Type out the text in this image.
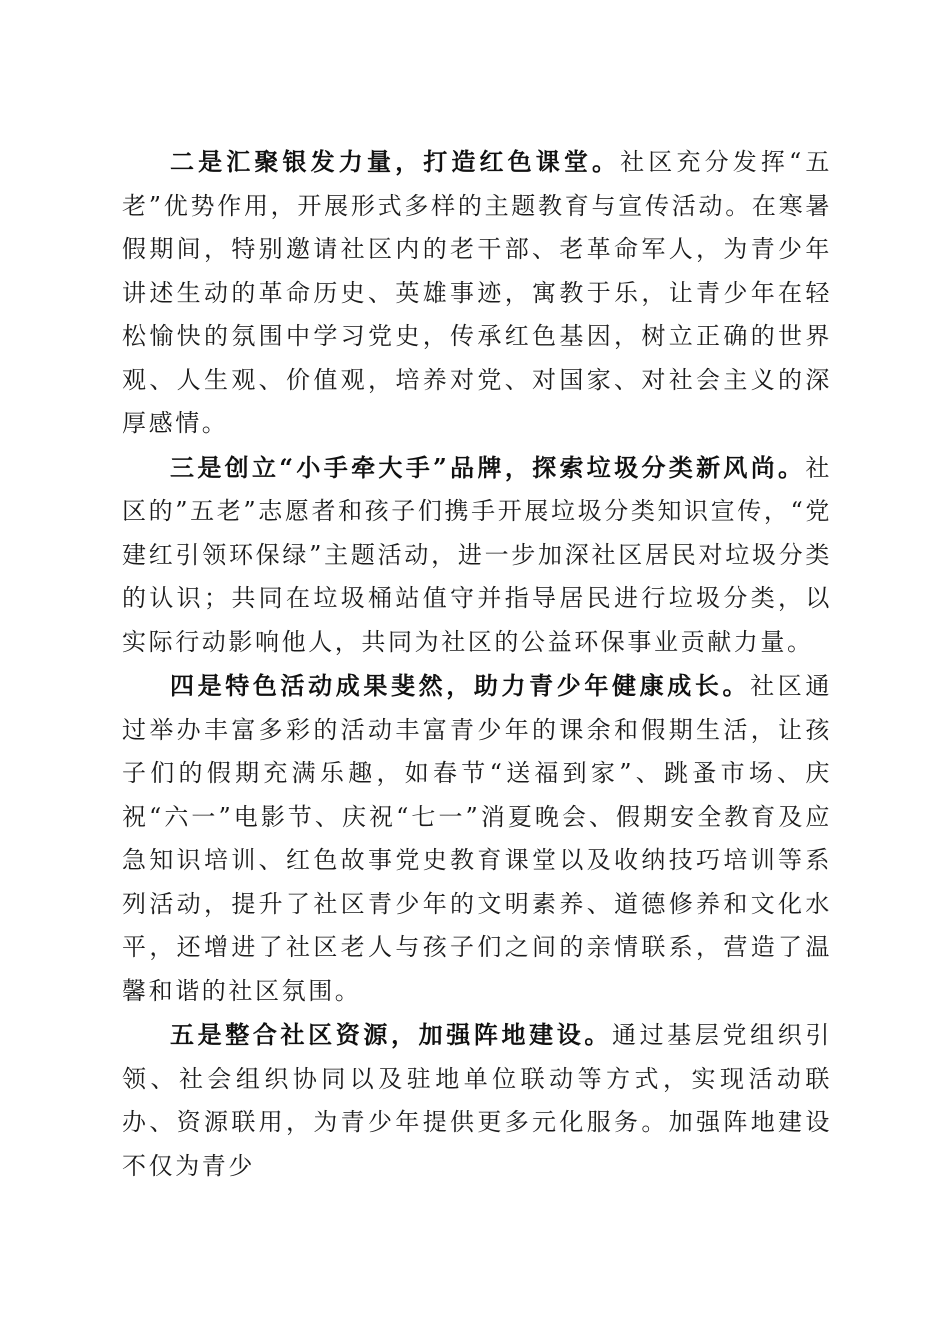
二是汇聚银发力量，打造红色课堂。社区充分发挥“五老”优势作用，开展形式多样的主题教育与宣传活动。在寒暑假期间，特别邀请社区内的老干部、老革命军人，为青少年讲述生动的革命历史、英雄事迹，寓教于乐，让青少年在轻松愉快的氛围中学习党史，传承红色基因，树立正确的世界观、人生观、价值观，培养对党、对国家、对社会主义的深厚感情。

三是创立“小手牵大手”品牌，探索垃圾分类新风尚。社区的”五老”志愿者和孩子们携手开展垃圾分类知识宣传，“党建红引领环保绿”主题活动，进一步加深社区居民对垃圾分类的认识；共同在垃圾桶站值守并指导居民进行垃圾分类，以实际行动影响他人，共同为社区的公益环保事业贡献力量。

四是特色活动成果斐然，助力青少年健康成长。社区通过举办丰富多彩的活动丰富青少年的课余和假期生活，让孩子们的假期充满乐趣，如春节“送福到家”、跳蚤市场、庆祝“六一”电影节、庆祝“七一”消夏晚会、假期安全教育及应急知识培训、红色故事党史教育课堂以及收纳技巧培训等系列活动，提升了社区青少年的文明素养、道德修养和文化水平，还增进了社区老人与孩子们之间的亲情联系，营造了温馨和谐的社区氛围。

五是整合社区资源，加强阵地建设。通过基层党组织引领、社会组织协同以及驻地单位联动等方式，实现活动联办、资源联用，为青少年提供更多元化服务。加强阵地建设不仅为青少
